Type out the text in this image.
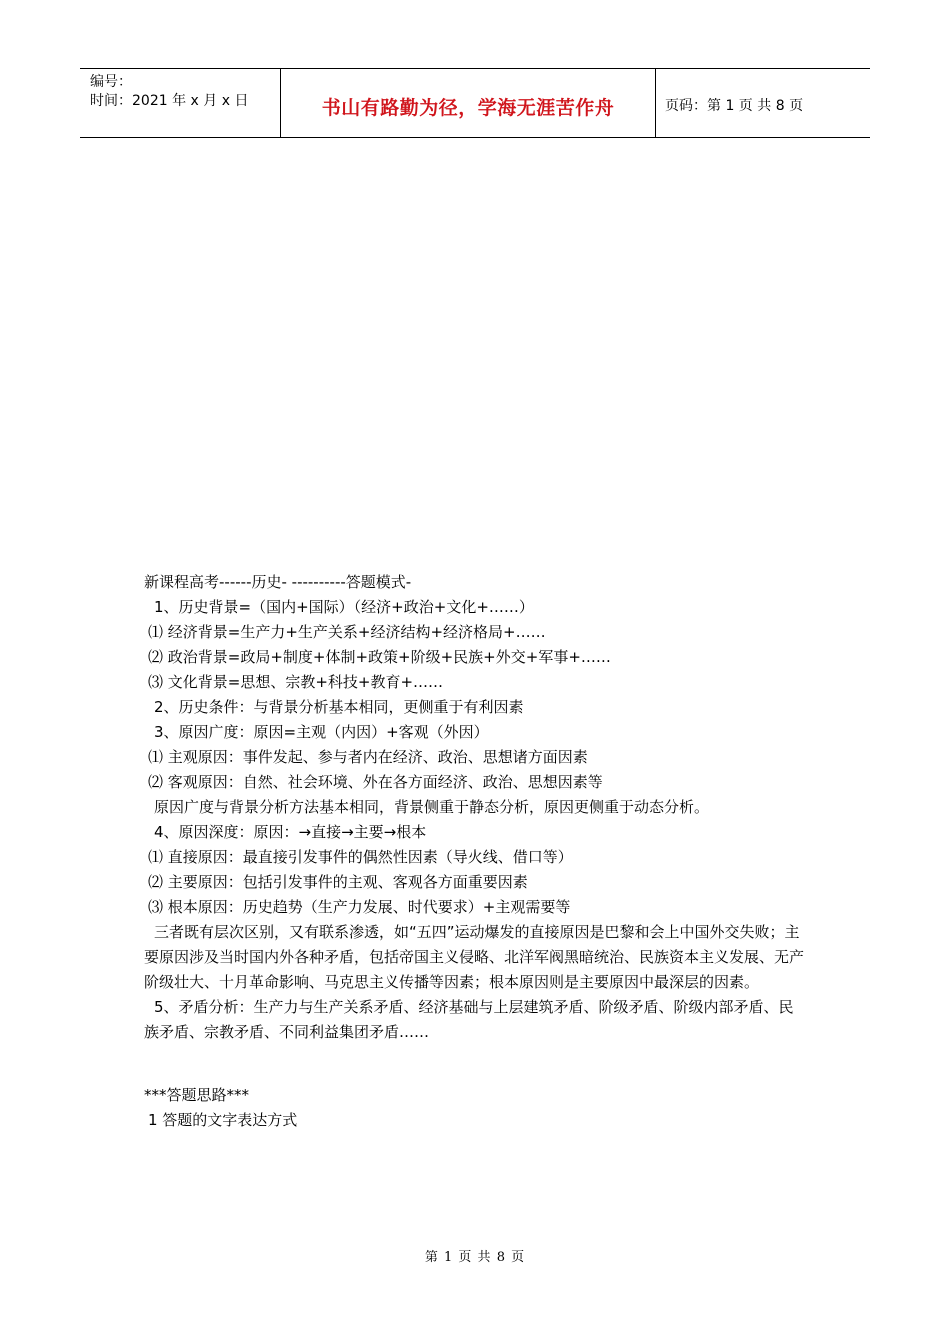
编号：
时间：2021 年 x 月 x 日	书山有路勤为径，学海无涯苦作舟	页码：第 1 页 共 8 页
新课程高考------历史- ----------答题模式-
1、历史背景=（国内+国际）（经济+政治+文化+……）
⑴ 经济背景=生产力+生产关系+经济结构+经济格局+……
⑵ 政治背景=政局+制度+体制+政策+阶级+民族+外交+军事+……
⑶ 文化背景=思想、宗教+科技+教育+……
2、历史条件：与背景分析基本相同，更侧重于有利因素
3、原因广度：原因=主观（内因）+客观（外因）
⑴ 主观原因：事件发起、参与者内在经济、政治、思想诸方面因素
⑵ 客观原因：自然、社会环境、外在各方面经济、政治、思想因素等
原因广度与背景分析方法基本相同，背景侧重于静态分析，原因更侧重于动态分析。
4、原因深度：原因：→直接→主要→根本
⑴ 直接原因：最直接引发事件的偶然性因素（导火线、借口等）
⑵ 主要原因：包括引发事件的主观、客观各方面重要因素
⑶ 根本原因：历史趋势（生产力发展、时代要求）+主观需要等
三者既有层次区别，又有联系渗透，如“五四”运动爆发的直接原因是巴黎和会上中国外交失败；主要原因涉及当时国内外各种矛盾，包括帝国主义侵略、北洋军阀黑暗统治、民族资本主义发展、无产阶级壮大、十月革命影响、马克思主义传播等因素；根本原因则是主要原因中最深层的因素。
5、矛盾分析：生产力与生产关系矛盾、经济基础与上层建筑矛盾、阶级矛盾、阶级内部矛盾、民族矛盾、宗教矛盾、不同利益集团矛盾……
***答题思路***
1 答题的文字表达方式
第 1 页 共 8 页
